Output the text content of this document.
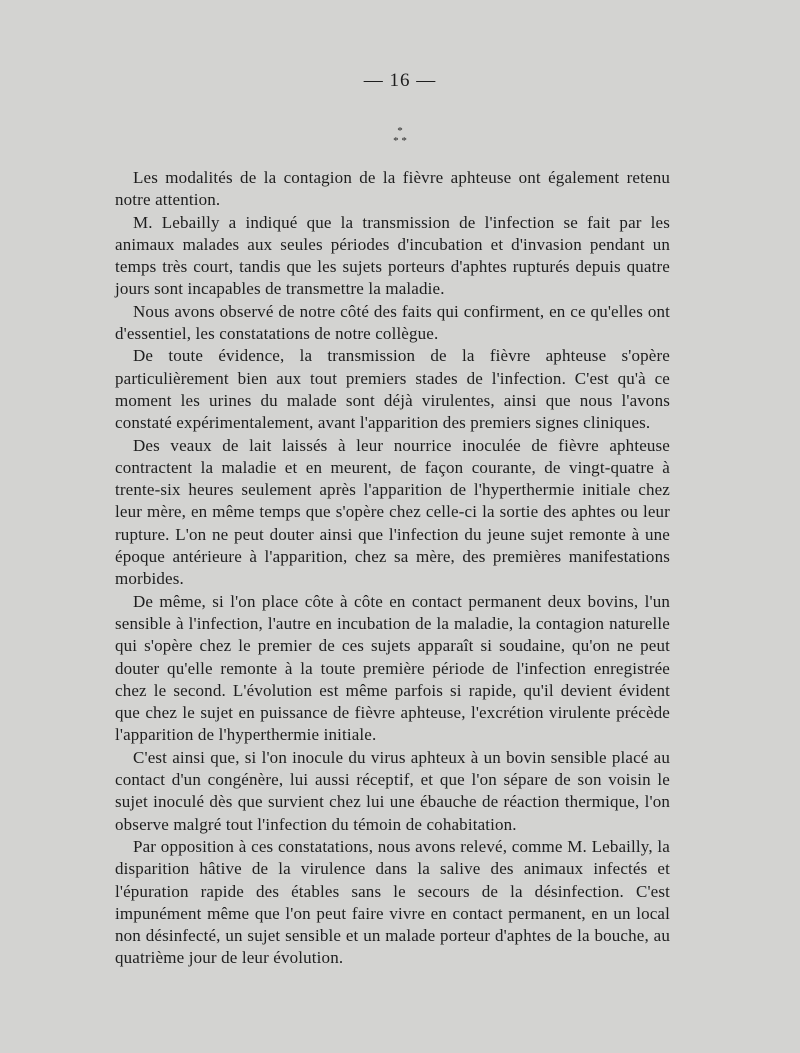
— 16 —
*
* *

Les modalités de la contagion de la fièvre aphteuse ont également retenu notre attention.

M. Lebailly a indiqué que la transmission de l'infection se fait par les animaux malades aux seules périodes d'incubation et d'invasion pendant un temps très court, tandis que les sujets porteurs d'aphtes rupturés depuis quatre jours sont incapables de transmettre la maladie.

Nous avons observé de notre côté des faits qui confirment, en ce qu'elles ont d'essentiel, les constatations de notre collègue.

De toute évidence, la transmission de la fièvre aphteuse s'opère particulièrement bien aux tout premiers stades de l'infection. C'est qu'à ce moment les urines du malade sont déjà virulentes, ainsi que nous l'avons constaté expérimentalement, avant l'apparition des premiers signes cliniques.

Des veaux de lait laissés à leur nourrice inoculée de fièvre aphteuse contractent la maladie et en meurent, de façon courante, de vingt-quatre à trente-six heures seulement après l'apparition de l'hyperthermie initiale chez leur mère, en même temps que s'opère chez celle-ci la sortie des aphtes ou leur rupture. L'on ne peut douter ainsi que l'infection du jeune sujet remonte à une époque antérieure à l'apparition, chez sa mère, des premières manifestations morbides.

De même, si l'on place côte à côte en contact permanent deux bovins, l'un sensible à l'infection, l'autre en incubation de la maladie, la contagion naturelle qui s'opère chez le premier de ces sujets apparaît si soudaine, qu'on ne peut douter qu'elle remonte à la toute première période de l'infection enregistrée chez le second. L'évolution est même parfois si rapide, qu'il devient évident que chez le sujet en puissance de fièvre aphteuse, l'excrétion virulente précède l'apparition de l'hyperthermie initiale.

C'est ainsi que, si l'on inocule du virus aphteux à un bovin sensible placé au contact d'un congénère, lui aussi réceptif, et que l'on sépare de son voisin le sujet inoculé dès que survient chez lui une ébauche de réaction thermique, l'on observe malgré tout l'infection du témoin de cohabitation.

Par opposition à ces constatations, nous avons relevé, comme M. Lebailly, la disparition hâtive de la virulence dans la salive des animaux infectés et l'épuration rapide des étables sans le secours de la désinfection. C'est impunément même que l'on peut faire vivre en contact permanent, en un local non désinfecté, un sujet sensible et un malade porteur d'aphtes de la bouche, au quatrième jour de leur évolution.
